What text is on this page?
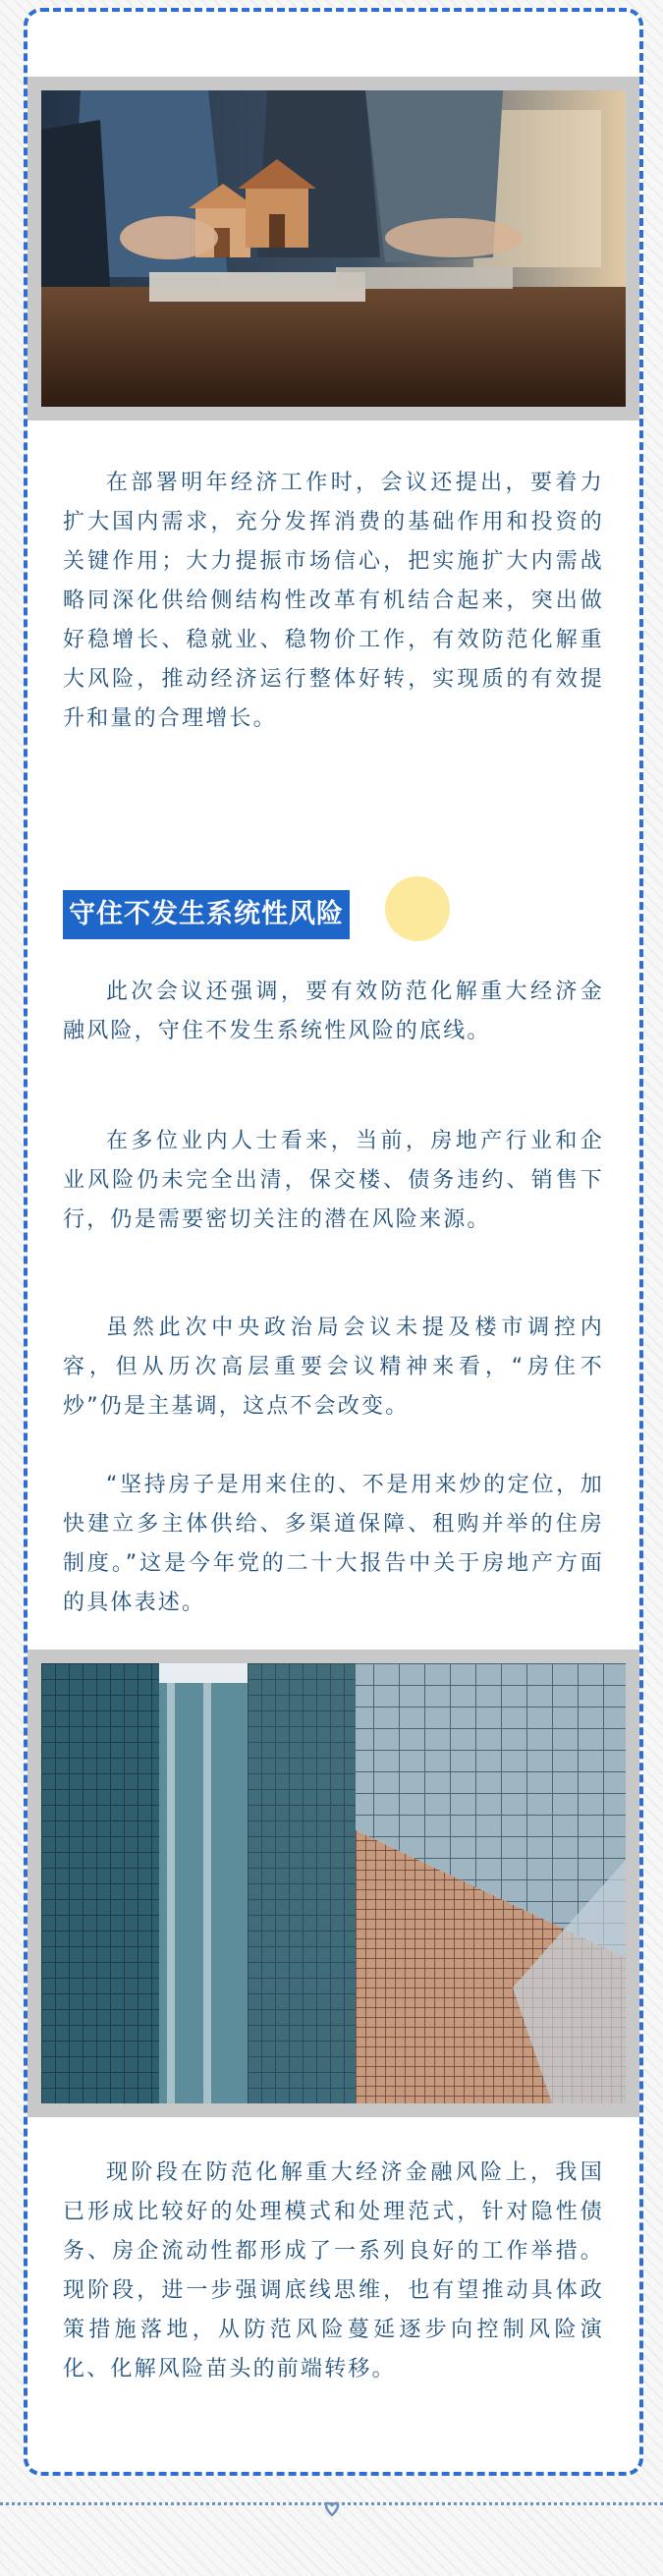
在部署明年经济工作时，会议还提出，要着力扩大国内需求，充分发挥消费的基础作用和投资的关键作用；大力提振市场信心，把实施扩大内需战略同深化供给侧结构性改革有机结合起来，突出做好稳增长、稳就业、稳物价工作，有效防范化解重大风险，推动经济运行整体好转，实现质的有效提升和量的合理增长。

守住不发生系统性风险

此次会议还强调，要有效防范化解重大经济金融风险，守住不发生系统性风险的底线。

在多位业内人士看来，当前，房地产行业和企业风险仍未完全出清，保交楼、债务违约、销售下行，仍是需要密切关注的潜在风险来源。

虽然此次中央政治局会议未提及楼市调控内容，但从历次高层重要会议精神来看，“房住不炒”仍是主基调，这点不会改变。

“坚持房子是用来住的、不是用来炒的定位，加快建立多主体供给、多渠道保障、租购并举的住房制度。”这是今年党的二十大报告中关于房地产方面的具体表述。

现阶段在防范化解重大经济金融风险上，我国已形成比较好的处理模式和处理范式，针对隐性债务、房企流动性都形成了一系列良好的工作举措。现阶段，进一步强调底线思维，也有望推动具体政策措施落地，从防范风险蔓延逐步向控制风险演化、化解风险苗头的前端转移。
